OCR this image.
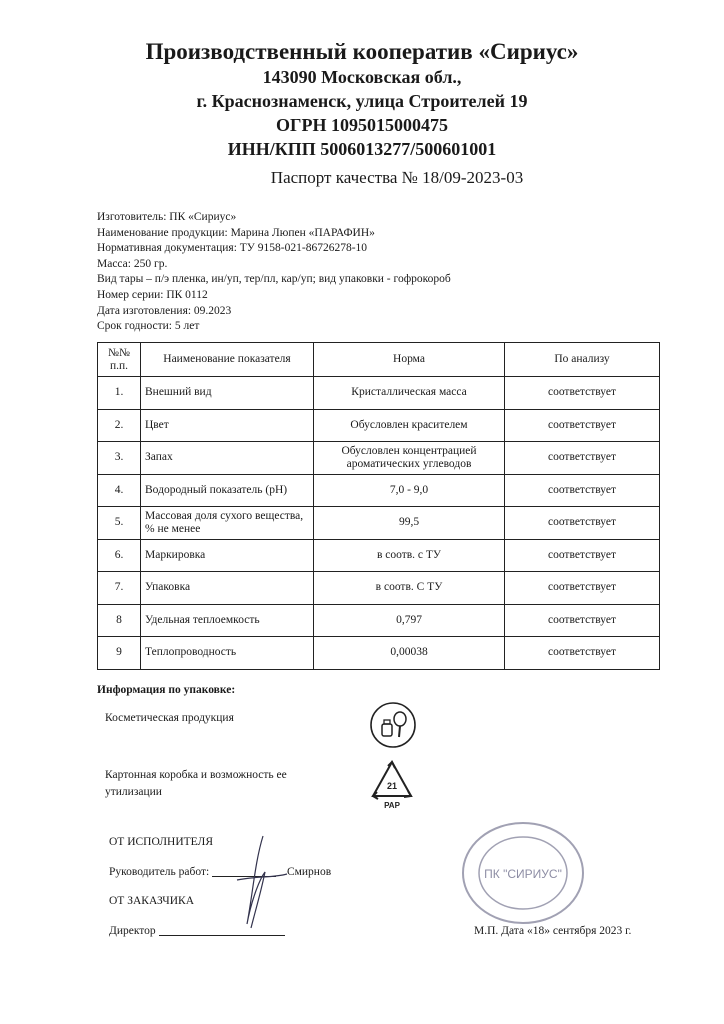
Производственный кооператив «Сириус»
143090 Московская обл.,
г. Краснознаменск, улица Строителей 19
ОГРН 1095015000475
ИНН/КПП 5006013277/500601001
Паспорт качества № 18/09-2023-03
Изготовитель: ПК «Сириус»
Наименование продукции: Марина Люпен «ПАРАФИН»
Нормативная документация: ТУ 9158-021-86726278-10
Масса: 250 гр.
Вид тары – п/э пленка, ин/уп, тер/пл, кар/уп; вид упаковки - гофрокороб
Номер серии: ПК 0112
Дата изготовления: 09.2023
Срок годности: 5 лет
№№
п.п.	Наименование показателя	Норма	По анализу
1.	Внешний вид	Кристаллическая масса	соответствует
2.	Цвет	Обусловлен красителем	соответствует
3.	Запах	Обусловлен концентрацией ароматических углеводов	соответствует
4.	Водородный показатель (pH)	7,0 - 9,0	соответствует
5.	Массовая доля сухого вещества, % не менее	99,5	соответствует
6.	Маркировка	в соотв. с ТУ	соответствует
7.	Упаковка	в соотв. С ТУ	соответствует
8	Удельная теплоемкость	0,797	соответствует
9	Теплопроводность	0,00038	соответствует
Информация по упаковке:
Косметическая продукция
Картонная коробка и возможность ее
утилизации	21
PAP
ОТ ИСПОЛНИТЕЛЯ
Руководитель работ:	Смирнов
ОТ ЗАКАЗЧИКА
Директор	М.П. Дата «18» сентября 2023 г.
ПК "СИРИУС"
